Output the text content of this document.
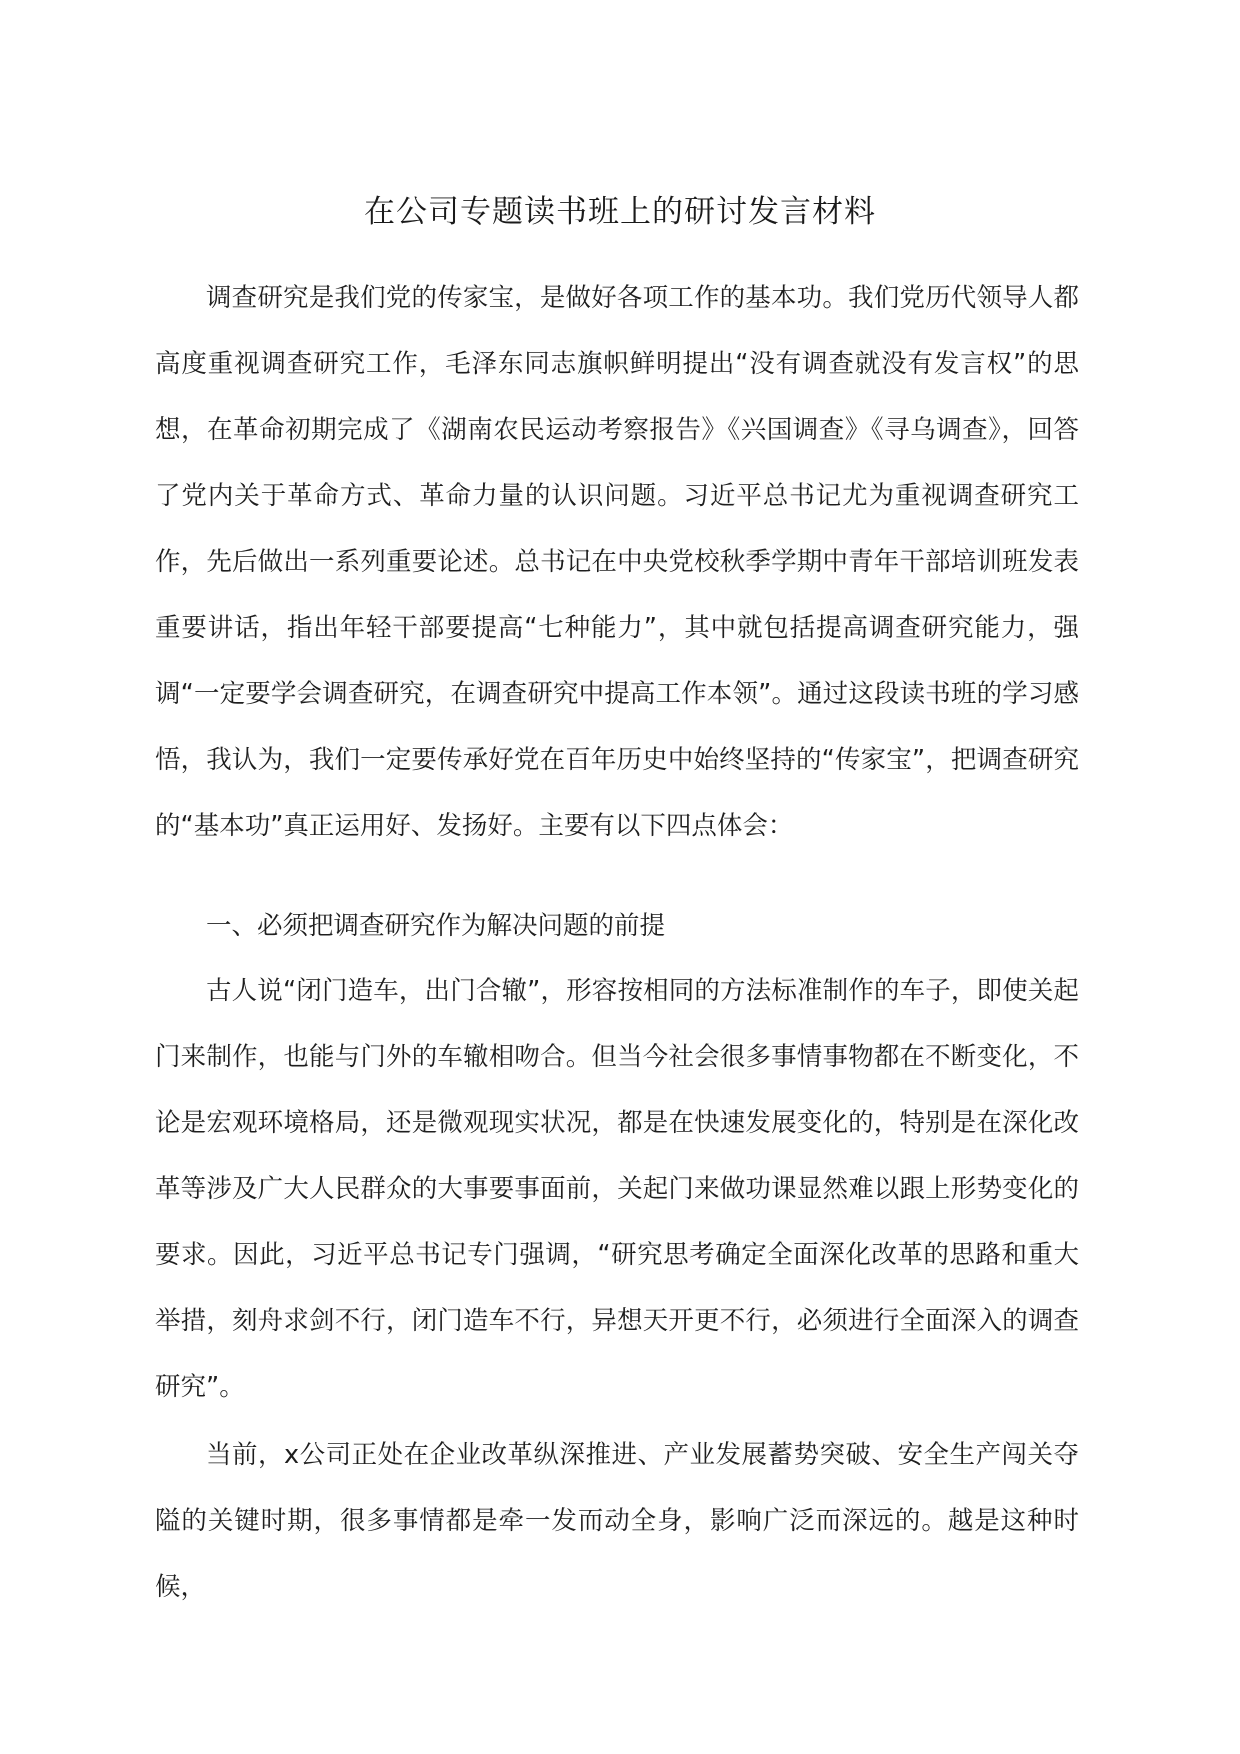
在公司专题读书班上的研讨发言材料

调查研究是我们党的传家宝，是做好各项工作的基本功。我们党历代领导人都高度重视调查研究工作，毛泽东同志旗帜鲜明提出“没有调查就没有发言权”的思想，在革命初期完成了《湖南农民运动考察报告》《兴国调查》《寻乌调查》，回答了党内关于革命方式、革命力量的认识问题。习近平总书记尤为重视调查研究工作，先后做出一系列重要论述。总书记在中央党校秋季学期中青年干部培训班发表重要讲话，指出年轻干部要提高“七种能力”，其中就包括提高调查研究能力，强调“一定要学会调查研究，在调查研究中提高工作本领”。通过这段读书班的学习感悟，我认为，我们一定要传承好党在百年历史中始终坚持的“传家宝”，把调查研究的“基本功”真正运用好、发扬好。主要有以下四点体会：

一、必须把调查研究作为解决问题的前提

古人说“闭门造车，出门合辙”，形容按相同的方法标准制作的车子，即使关起门来制作，也能与门外的车辙相吻合。但当今社会很多事情事物都在不断变化，不论是宏观环境格局，还是微观现实状况，都是在快速发展变化的，特别是在深化改革等涉及广大人民群众的大事要事面前，关起门来做功课显然难以跟上形势变化的要求。因此，习近平总书记专门强调，“研究思考确定全面深化改革的思路和重大举措，刻舟求剑不行，闭门造车不行，异想天开更不行，必须进行全面深入的调查研究”。

当前，x公司正处在企业改革纵深推进、产业发展蓄势突破、安全生产闯关夺隘的关键时期，很多事情都是牵一发而动全身，影响广泛而深远的。越是这种时候，
